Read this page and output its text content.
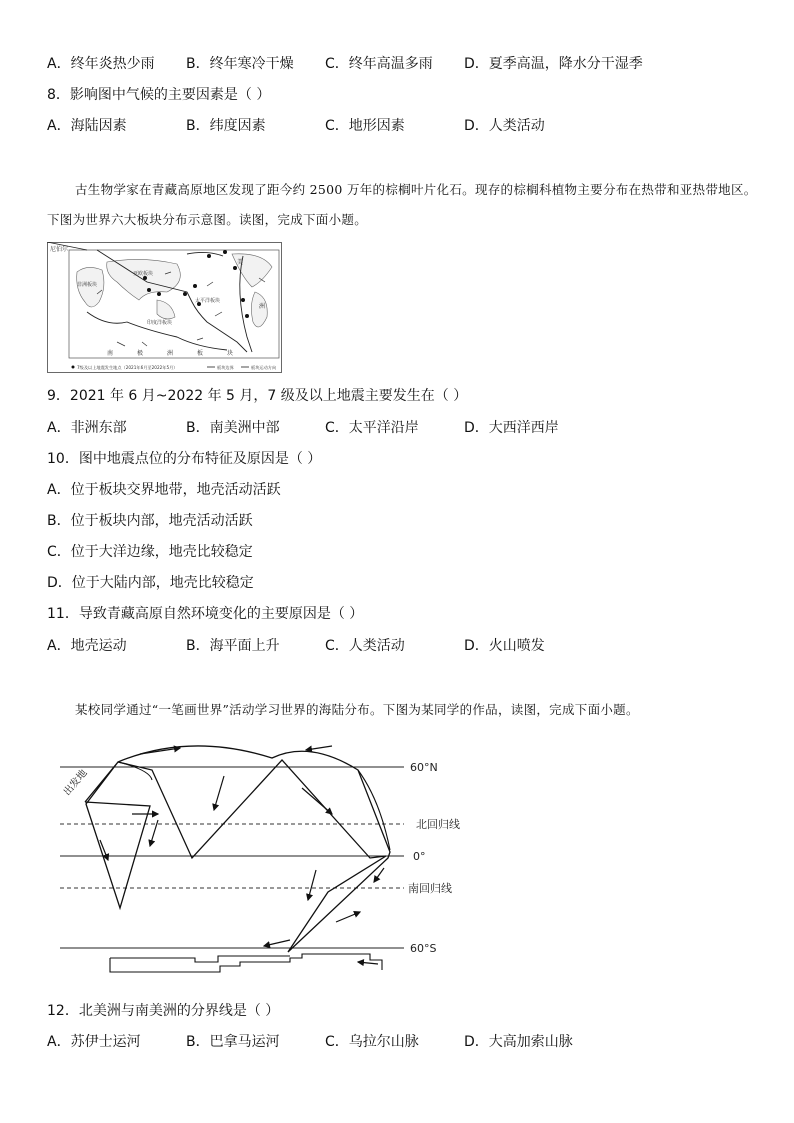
A．终年炎热少雨 B．终年寒冷干燥 C．终年高温多雨 D．夏季高温，降水分干湿季
8．影响图中气候的主要因素是（ ）
A．海陆因素	B．纬度因素	C．地形因素	D．人类活动
古生物学家在青藏高原地区发现了距今约 2500 万年的棕榈叶片化石。现存的棕榈科植物主要分布在热带和亚热带地区。下图为世界六大板块分布示意图。读图，完成下面小题。
尼伯尔
亚欧板块
非洲板块
印度洋板块
太平洋板块
美
洲
南	极	洲	板	块
7级及以上地震发生地点（2021年6月至2022年5月）	板块边界	板块运动方向
9．2021 年 6 月~2022 年 5 月，7 级及以上地震主要发生在（ ）
A．非洲东部	B．南美洲中部	C．太平洋沿岸	D．大西洋西岸
10．图中地震点位的分布特征及原因是（ ）
A．位于板块交界地带，地壳活动活跃
B．位于板块内部，地壳活动活跃
C．位于大洋边缘，地壳比较稳定
D．位于大陆内部，地壳比较稳定
11．导致青藏高原自然环境变化的主要原因是（ ）
A．地壳运动	B．海平面上升	C．人类活动	D．火山喷发
某校同学通过“一笔画世界”活动学习世界的海陆分布。下图为某同学的作品，读图，完成下面小题。
60°N
北回归线
0°
南回归线
60°S
出发地
12．北美洲与南美洲的分界线是（ ）
A．苏伊士运河	B．巴拿马运河	C．乌拉尔山脉	D．大高加索山脉
